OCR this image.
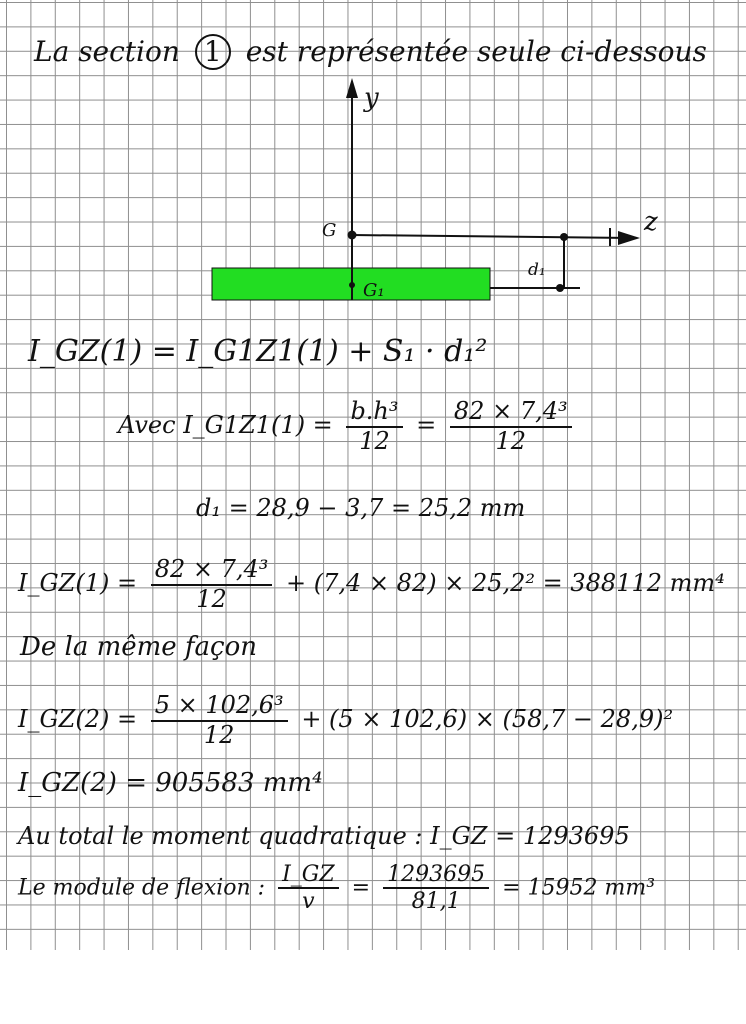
La section 1 est représentée seule ci-dessous
y
z
G
G₁
d₁
I_GZ(1) = I_G1Z1(1) + S₁ · d₁²
Avec I_G1Z1(1) = $\frac{\text{b.h³}}{12} = \frac{\text{82 × 7,4³}}{12}$
d₁ = 28,9 − 3,7 = 25,2 mm
I_GZ(1) = $\frac{\text{82 × 7,4³}}{12} + (7,4 \times 82) \times 25,2^2 = 388112$ mm⁴
De la même façon
I_GZ(2) = $\frac{\text{5 × 102,6³}}{12} + (5 \times 102,6) \times (58,7 - 28,9)^2$
I_GZ(2) = 905583 mm⁴
Au total le moment quadratique : I_GZ = 1293695
Le module de flexion : $\frac{I\_GZ}{v} = \frac{1293695}{81,1} = 15952$ mm³
